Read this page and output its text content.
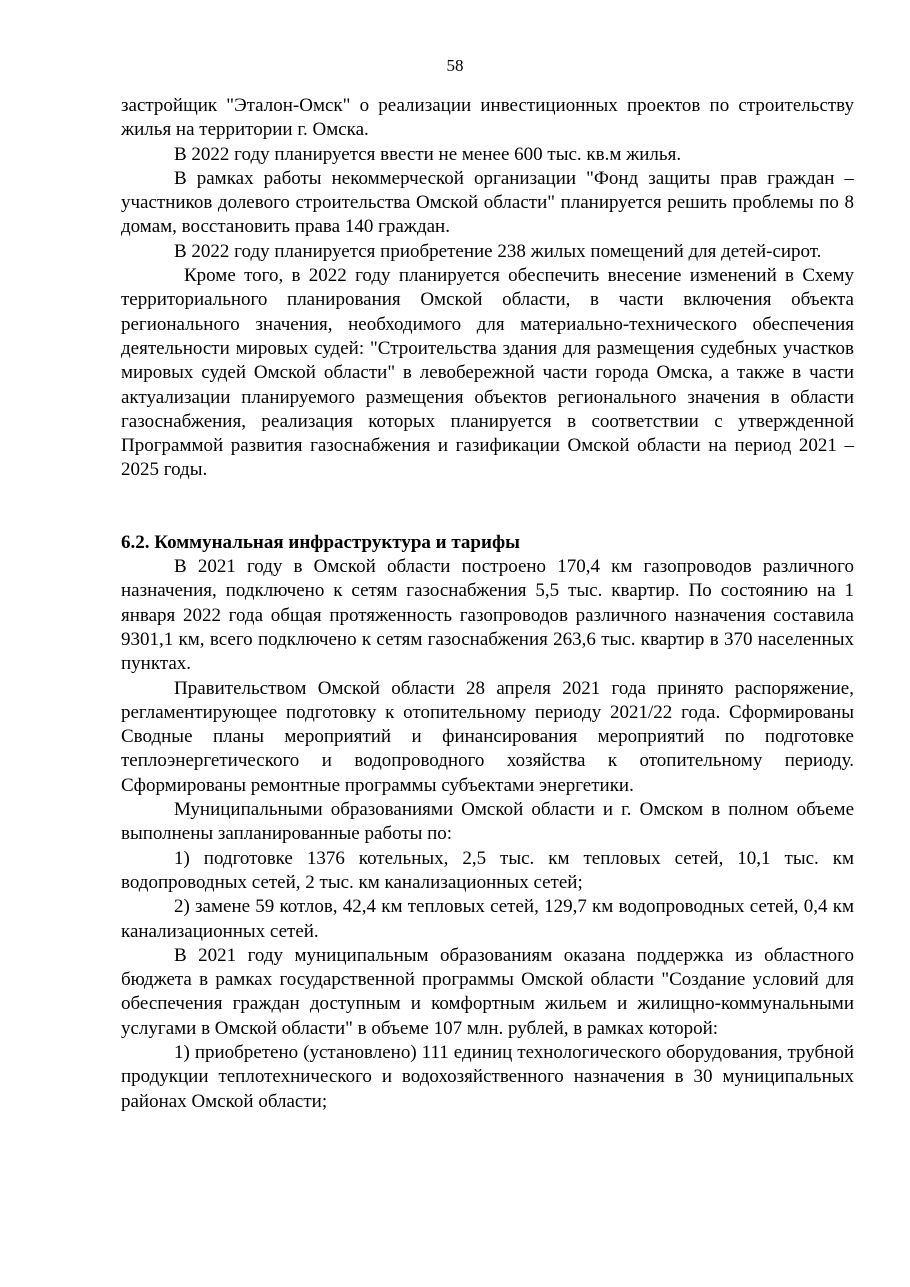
58

застройщик "Эталон-Омск" о реализации инвестиционных проектов по строительству жилья на территории г. Омска.

В 2022 году планируется ввести не менее 600 тыс. кв.м жилья.

В рамках работы некоммерческой организации "Фонд защиты прав граждан – участников долевого строительства Омской области" планируется решить проблемы по 8 домам, восстановить права 140 граждан.

В 2022 году планируется приобретение 238 жилых помещений для детей-сирот.

Кроме того, в 2022 году планируется обеспечить внесение изменений в Схему территориального планирования Омской области, в части включения объекта регионального значения, необходимого для материально-технического обеспечения деятельности мировых судей: "Строительства здания для размещения судебных участков мировых судей Омской области" в левобережной части города Омска, а также в части актуализации планируемого размещения объектов регионального значения в области газоснабжения, реализация которых планируется в соответствии с утвержденной Программой развития газоснабжения и газификации Омской области на период 2021 – 2025 годы.

6.2. Коммунальная инфраструктура и тарифы

В 2021 году в Омской области построено 170,4 км газопроводов различного назначения, подключено к сетям газоснабжения 5,5 тыс. квартир. По состоянию на 1 января 2022 года общая протяженность газопроводов различного назначения составила 9301,1 км, всего подключено к сетям газоснабжения 263,6 тыс. квартир в 370 населенных пунктах.

Правительством Омской области 28 апреля 2021 года принято распоряжение, регламентирующее подготовку к отопительному периоду 2021/22 года. Сформированы Сводные планы мероприятий и финансирования мероприятий по подготовке теплоэнергетического и водопроводного хозяйства к отопительному периоду. Сформированы ремонтные программы субъектами энергетики.

Муниципальными образованиями Омской области и г. Омском в полном объеме выполнены запланированные работы по:

1) подготовке 1376 котельных, 2,5 тыс. км тепловых сетей, 10,1 тыс. км водопроводных сетей, 2 тыс. км канализационных сетей;

2) замене 59 котлов, 42,4 км тепловых сетей, 129,7 км водопроводных сетей, 0,4 км канализационных сетей.

В 2021 году муниципальным образованиям оказана поддержка из областного бюджета в рамках государственной программы Омской области "Создание условий для обеспечения граждан доступным и комфортным жильем и жилищно-коммунальными услугами в Омской области" в объеме 107 млн. рублей, в рамках которой:

1) приобретено (установлено) 111 единиц технологического оборудования, трубной продукции теплотехнического и водохозяйственного назначения в 30 муниципальных районах Омской области;
